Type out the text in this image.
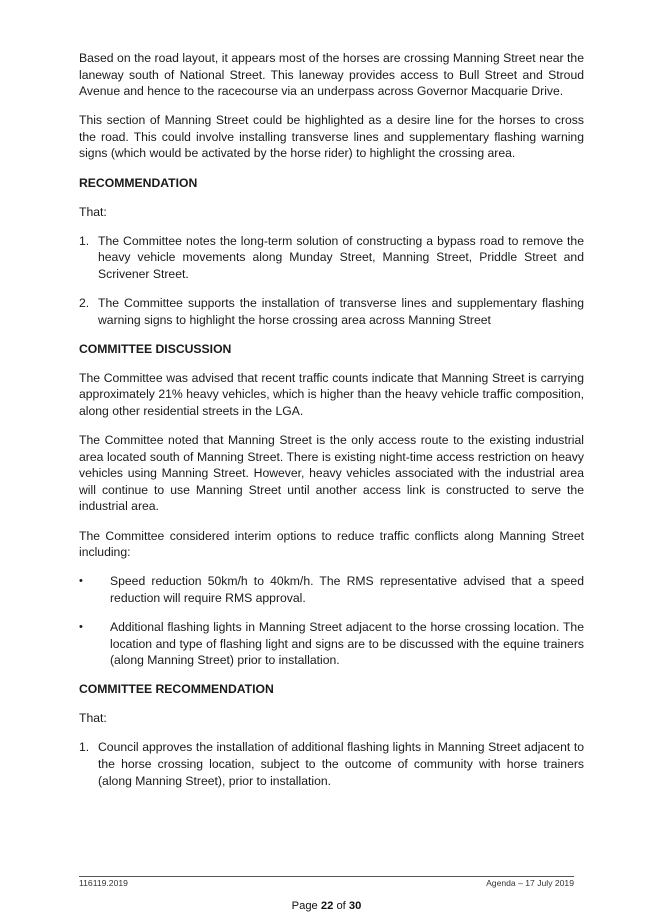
Based on the road layout, it appears most of the horses are crossing Manning Street near the laneway south of National Street. This laneway provides access to Bull Street and Stroud Avenue and hence to the racecourse via an underpass across Governor Macquarie Drive.

This section of Manning Street could be highlighted as a desire line for the horses to cross the road. This could involve installing transverse lines and supplementary flashing warning signs (which would be activated by the horse rider) to highlight the crossing area.

RECOMMENDATION

That:

1. The Committee notes the long-term solution of constructing a bypass road to remove the heavy vehicle movements along Munday Street, Manning Street, Priddle Street and Scrivener Street.
2. The Committee supports the installation of transverse lines and supplementary flashing warning signs to highlight the horse crossing area across Manning Street
COMMITTEE DISCUSSION

The Committee was advised that recent traffic counts indicate that Manning Street is carrying approximately 21% heavy vehicles, which is higher than the heavy vehicle traffic composition, along other residential streets in the LGA.

The Committee noted that Manning Street is the only access route to the existing industrial area located south of Manning Street. There is existing night-time access restriction on heavy vehicles using Manning Street. However, heavy vehicles associated with the industrial area will continue to use Manning Street until another access link is constructed to serve the industrial area.

The Committee considered interim options to reduce traffic conflicts along Manning Street including:

• Speed reduction 50km/h to 40km/h. The RMS representative advised that a speed reduction will require RMS approval.
• Additional flashing lights in Manning Street adjacent to the horse crossing location. The location and type of flashing light and signs are to be discussed with the equine trainers (along Manning Street) prior to installation.
COMMITTEE RECOMMENDATION

That:

1. Council approves the installation of additional flashing lights in Manning Street adjacent to the horse crossing location, subject to the outcome of community with horse trainers (along Manning Street), prior to installation.
116119.2019	Agenda – 17 July 2019
Page 22 of 30
